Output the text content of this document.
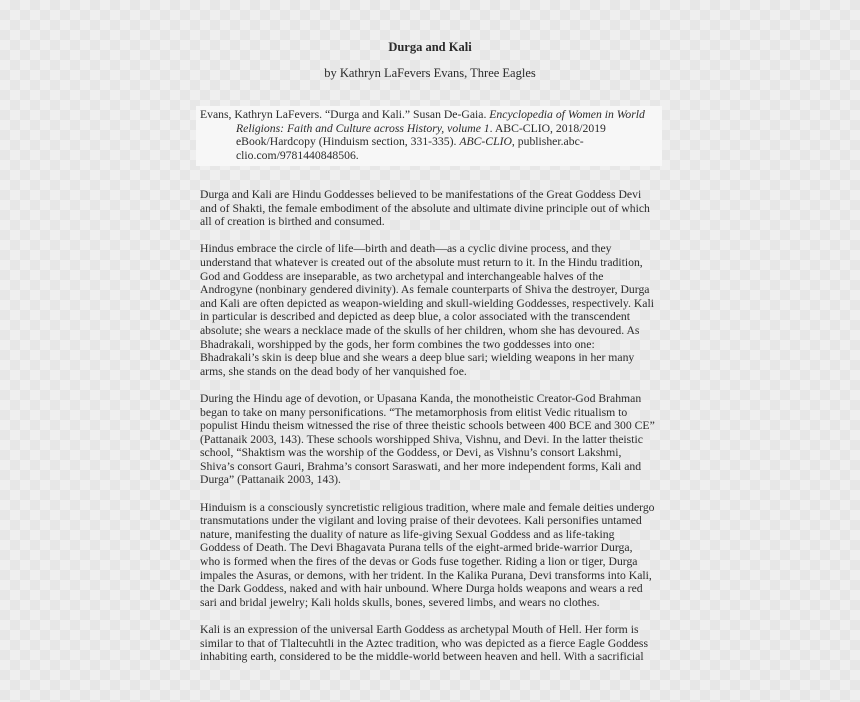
Durga and Kali
by Kathryn LaFevers Evans, Three Eagles
Evans, Kathryn LaFevers. “Durga and Kali.” Susan De-Gaia. Encyclopedia of Women in World
Religions: Faith and Culture across History, volume 1. ABC-CLIO, 2018/2019
eBook/Hardcopy (Hinduism section, 331-335). ABC-CLIO, publisher.abc-
clio.com/9781440848506.
Durga and Kali are Hindu Goddesses believed to be manifestations of the Great Goddess Devi
and of Shakti, the female embodiment of the absolute and ultimate divine principle out of which
all of creation is birthed and consumed.
Hindus embrace the circle of life—birth and death—as a cyclic divine process, and they
understand that whatever is created out of the absolute must return to it. In the Hindu tradition,
God and Goddess are inseparable, as two archetypal and interchangeable halves of the
Androgyne (nonbinary gendered divinity). As female counterparts of Shiva the destroyer, Durga
and Kali are often depicted as weapon-wielding and skull-wielding Goddesses, respectively. Kali
in particular is described and depicted as deep blue, a color associated with the transcendent
absolute; she wears a necklace made of the skulls of her children, whom she has devoured. As
Bhadrakali, worshipped by the gods, her form combines the two goddesses into one:
Bhadrakali’s skin is deep blue and she wears a deep blue sari; wielding weapons in her many
arms, she stands on the dead body of her vanquished foe.
During the Hindu age of devotion, or Upasana Kanda, the monotheistic Creator-God Brahman
began to take on many personifications. “The metamorphosis from elitist Vedic ritualism to
populist Hindu theism witnessed the rise of three theistic schools between 400 BCE and 300 CE”
(Pattanaik 2003, 143). These schools worshipped Shiva, Vishnu, and Devi. In the latter theistic
school, “Shaktism was the worship of the Goddess, or Devi, as Vishnu’s consort Lakshmi,
Shiva’s consort Gauri, Brahma’s consort Saraswati, and her more independent forms, Kali and
Durga” (Pattanaik 2003, 143).
Hinduism is a consciously syncretistic religious tradition, where male and female deities undergo
transmutations under the vigilant and loving praise of their devotees. Kali personifies untamed
nature, manifesting the duality of nature as life-giving Sexual Goddess and as life-taking
Goddess of Death. The Devi Bhagavata Purana tells of the eight-armed bride-warrior Durga,
who is formed when the fires of the devas or Gods fuse together. Riding a lion or tiger, Durga
impales the Asuras, or demons, with her trident. In the Kalika Purana, Devi transforms into Kali,
the Dark Goddess, naked and with hair unbound. Where Durga holds weapons and wears a red
sari and bridal jewelry; Kali holds skulls, bones, severed limbs, and wears no clothes.
Kali is an expression of the universal Earth Goddess as archetypal Mouth of Hell. Her form is
similar to that of Tlaltecuhtli in the Aztec tradition, who was depicted as a fierce Eagle Goddess
inhabiting earth, considered to be the middle-world between heaven and hell. With a sacrificial
